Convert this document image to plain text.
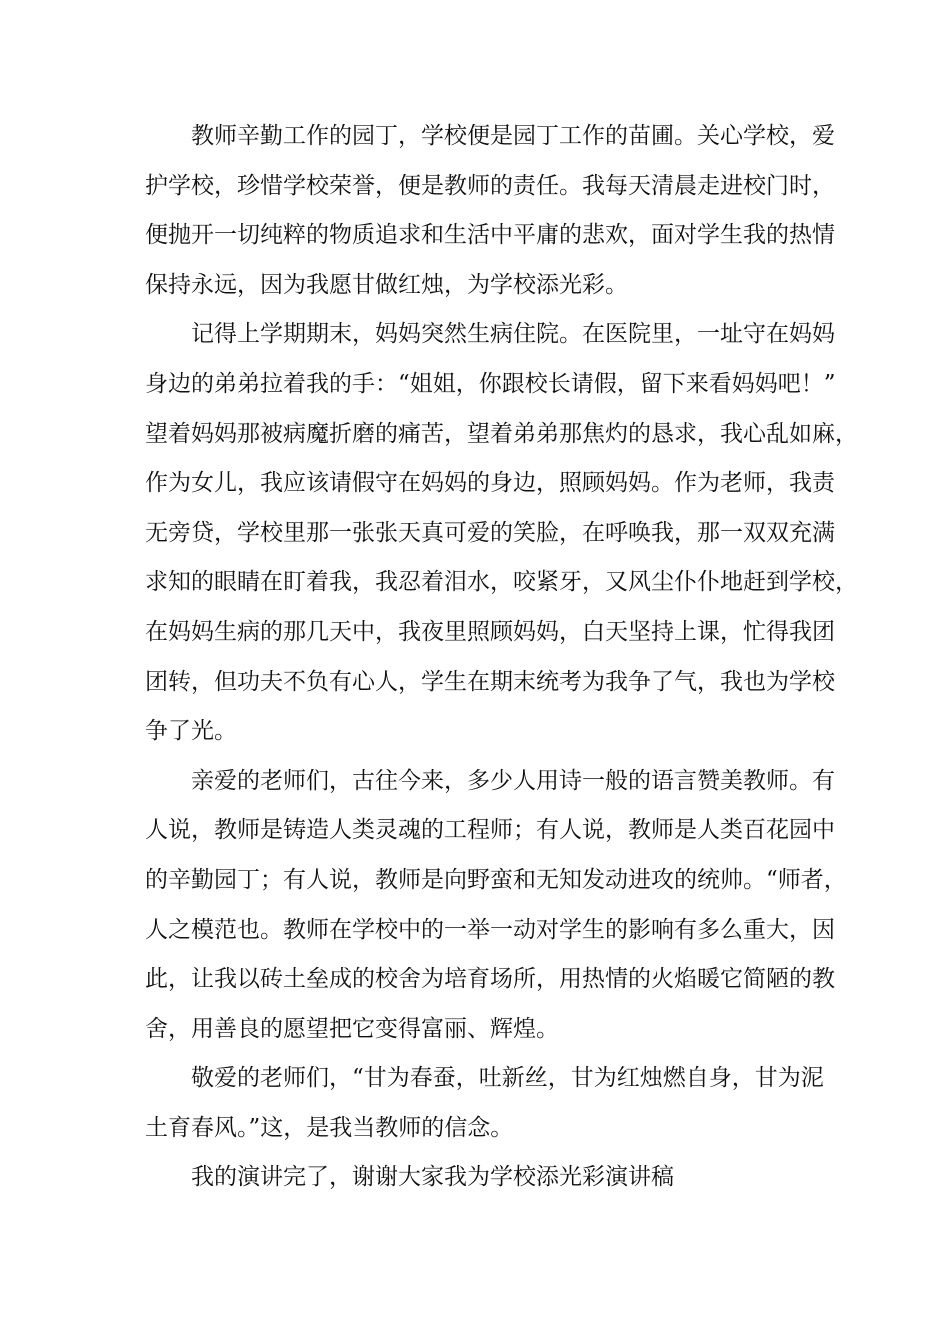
教师辛勤工作的园丁，学校便是园丁工作的苗圃。关心学校，爱
护学校，珍惜学校荣誉，便是教师的责任。我每天清晨走进校门时，
便抛开一切纯粹的物质追求和生活中平庸的悲欢，面对学生我的热情
保持永远，因为我愿甘做红烛，为学校添光彩。

记得上学期期末，妈妈突然生病住院。在医院里，一址守在妈妈
身边的弟弟拉着我的手：“姐姐，你跟校长请假，留下来看妈妈吧！”
望着妈妈那被病魔折磨的痛苦，望着弟弟那焦灼的恳求，我心乱如麻，
作为女儿，我应该请假守在妈妈的身边，照顾妈妈。作为老师，我责
无旁贷，学校里那一张张天真可爱的笑脸，在呼唤我，那一双双充满
求知的眼睛在盯着我，我忍着泪水，咬紧牙，又风尘仆仆地赶到学校，
在妈妈生病的那几天中，我夜里照顾妈妈，白天坚持上课，忙得我团
团转，但功夫不负有心人，学生在期末统考为我争了气，我也为学校
争了光。

亲爱的老师们，古往今来，多少人用诗一般的语言赞美教师。有
人说，教师是铸造人类灵魂的工程师；有人说，教师是人类百花园中
的辛勤园丁；有人说，教师是向野蛮和无知发动进攻的统帅。“师者，
人之模范也。教师在学校中的一举一动对学生的影响有多么重大，因
此，让我以砖土垒成的校舍为培育场所，用热情的火焰暖它简陋的教
舍，用善良的愿望把它变得富丽、辉煌。

敬爱的老师们，“甘为春蚕，吐新丝，甘为红烛燃自身，甘为泥
土育春风。”这，是我当教师的信念。

我的演讲完了，谢谢大家我为学校添光彩演讲稿
